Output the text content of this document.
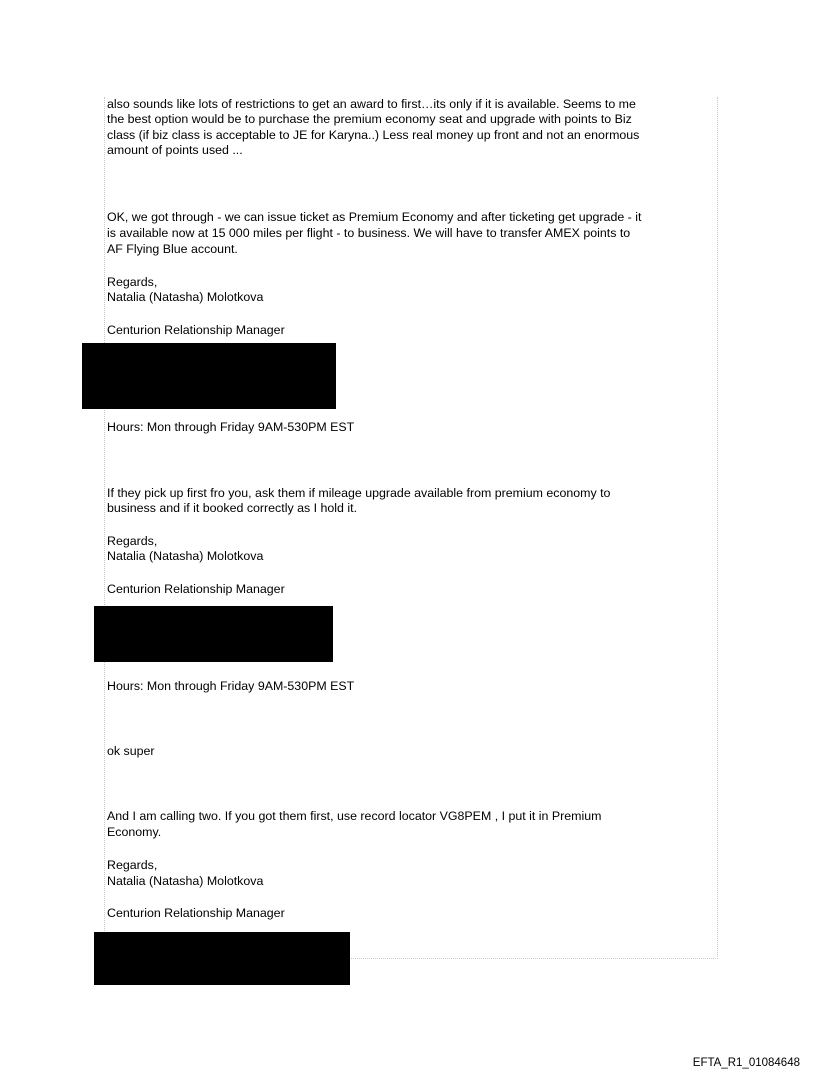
also sounds like lots of restrictions to get an award to first…its only if it is available. Seems to me

the best option would be to purchase the premium economy seat and upgrade with points to Biz

class (if biz class is acceptable to JE for Karyna..) Less real money up front and not an enormous

amount of points used ...

OK, we got through - we can issue ticket as Premium Economy and after ticketing get upgrade - it

is available now at 15 000 miles per flight - to business. We will have to transfer AMEX points to

AF Flying Blue account.

Regards,

Natalia (Natasha) Molotkova

Centurion Relationship Manager

Hours: Mon through Friday 9AM-530PM EST

If they pick up first fro you, ask them if mileage upgrade available from premium economy to

business and if it booked correctly as I hold it.

Regards,

Natalia (Natasha) Molotkova

Centurion Relationship Manager

Hours: Mon through Friday 9AM-530PM EST

ok super

And I am calling two. If you got them first, use record locator VG8PEM , I put it in Premium

Economy.

Regards,

Natalia (Natasha) Molotkova

Centurion Relationship Manager

EFTA_R1_01084648
